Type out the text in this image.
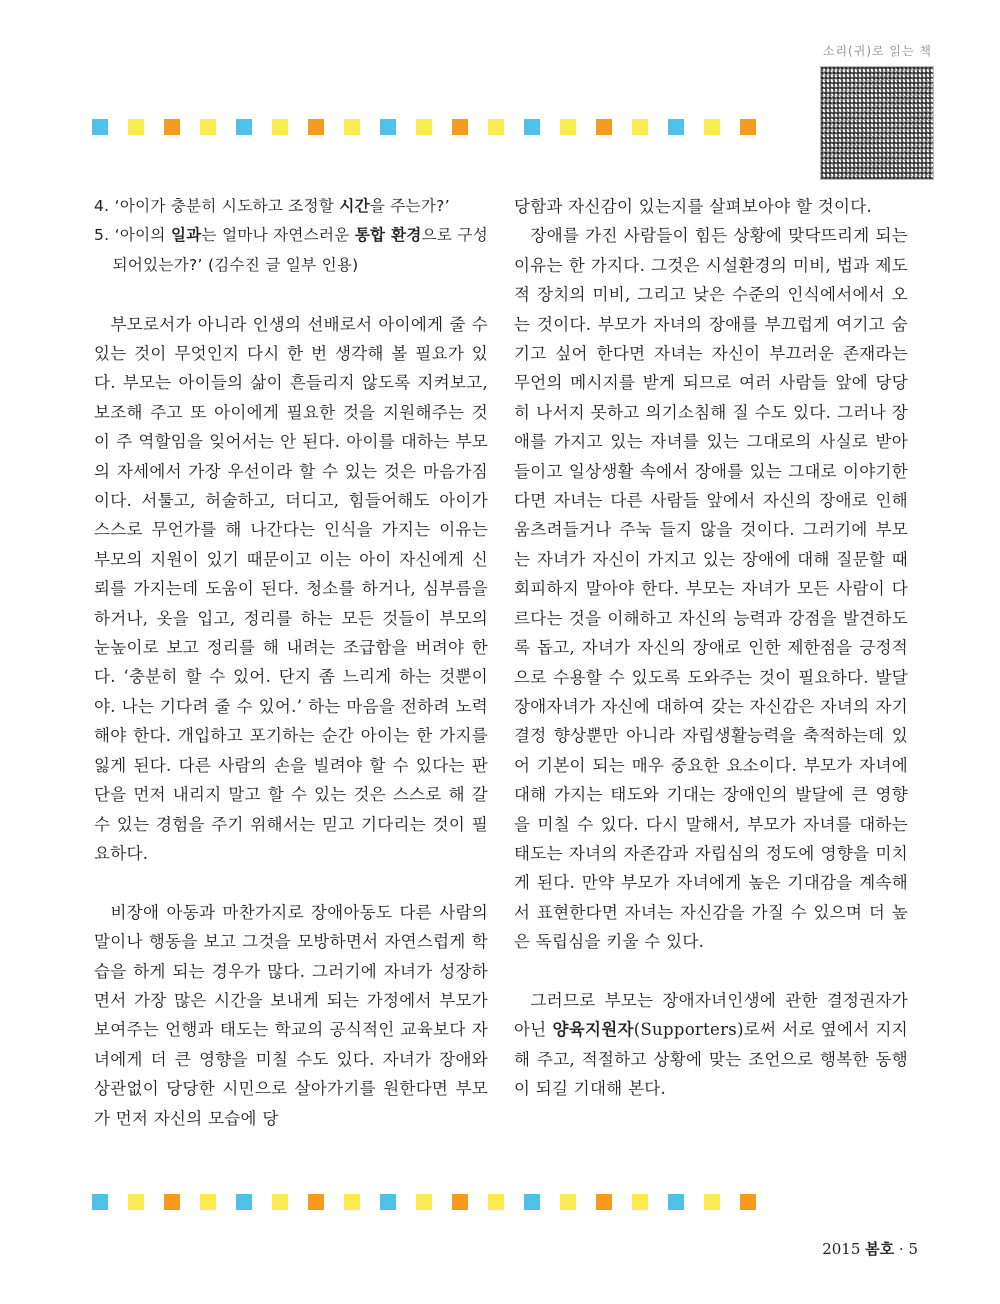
소리(귀)로 읽는 책

4. ‘아이가 충분히 시도하고 조정할 시간을 주는가?’

5. ‘아이의 일과는 얼마나 자연스러운 통합 환경으로 구성되어있는가?’ (김수진 글 일부 인용)

부모로서가 아니라 인생의 선배로서 아이에게 줄 수 있는 것이 무엇인지 다시 한 번 생각해 볼 필요가 있다. 부모는 아이들의 삶이 흔들리지 않도록 지켜보고, 보조해 주고 또 아이에게 필요한 것을 지원해주는 것이 주 역할임을 잊어서는 안 된다. 아이를 대하는 부모의 자세에서 가장 우선이라 할 수 있는 것은 마음가짐이다. 서툴고, 허술하고, 더디고, 힘들어해도 아이가 스스로 무언가를 해 나간다는 인식을 가지는 이유는 부모의 지원이 있기 때문이고 이는 아이 자신에게 신뢰를 가지는데 도움이 된다. 청소를 하거나, 심부름을 하거나, 옷을 입고, 정리를 하는 모든 것들이 부모의 눈높이로 보고 정리를 해 내려는 조급함을 버려야 한다. ‘충분히 할 수 있어. 단지 좀 느리게 하는 것뿐이야. 나는 기다려 줄 수 있어.’ 하는 마음을 전하려 노력해야 한다. 개입하고 포기하는 순간 아이는 한 가지를 잃게 된다. 다른 사람의 손을 빌려야 할 수 있다는 판단을 먼저 내리지 말고 할 수 있는 것은 스스로 해 갈 수 있는 경험을 주기 위해서는 믿고 기다리는 것이 필요하다.

비장애 아동과 마찬가지로 장애아동도 다른 사람의 말이나 행동을 보고 그것을 모방하면서 자연스럽게 학습을 하게 되는 경우가 많다. 그러기에 자녀가 성장하면서 가장 많은 시간을 보내게 되는 가정에서 부모가 보여주는 언행과 태도는 학교의 공식적인 교육보다 자녀에게 더 큰 영향을 미칠 수도 있다. 자녀가 장애와 상관없이 당당한 시민으로 살아가기를 원한다면 부모가 먼저 자신의 모습에 당

당함과 자신감이 있는지를 살펴보아야 할 것이다.

장애를 가진 사람들이 힘든 상황에 맞닥뜨리게 되는 이유는 한 가지다. 그것은 시설환경의 미비, 법과 제도적 장치의 미비, 그리고 낮은 수준의 인식에서에서 오는 것이다. 부모가 자녀의 장애를 부끄럽게 여기고 숨기고 싶어 한다면 자녀는 자신이 부끄러운 존재라는 무언의 메시지를 받게 되므로 여러 사람들 앞에 당당히 나서지 못하고 의기소침해 질 수도 있다. 그러나 장애를 가지고 있는 자녀를 있는 그대로의 사실로 받아들이고 일상생활 속에서 장애를 있는 그대로 이야기한다면 자녀는 다른 사람들 앞에서 자신의 장애로 인해 움츠려들거나 주눅 들지 않을 것이다. 그러기에 부모는 자녀가 자신이 가지고 있는 장애에 대해 질문할 때 회피하지 말아야 한다. 부모는 자녀가 모든 사람이 다르다는 것을 이해하고 자신의 능력과 강점을 발견하도록 돕고, 자녀가 자신의 장애로 인한 제한점을 긍정적으로 수용할 수 있도록 도와주는 것이 필요하다. 발달장애자녀가 자신에 대하여 갖는 자신감은 자녀의 자기결정 향상뿐만 아니라 자립생활능력을 축적하는데 있어 기본이 되는 매우 중요한 요소이다. 부모가 자녀에 대해 가지는 태도와 기대는 장애인의 발달에 큰 영향을 미칠 수 있다. 다시 말해서, 부모가 자녀를 대하는 태도는 자녀의 자존감과 자립심의 정도에 영향을 미치게 된다. 만약 부모가 자녀에게 높은 기대감을 계속해서 표현한다면 자녀는 자신감을 가질 수 있으며 더 높은 독립심을 키울 수 있다.

그러므로 부모는 장애자녀인생에 관한 결정권자가 아닌 양육지원자(Supporters)로써 서로 옆에서 지지해 주고, 적절하고 상황에 맞는 조언으로 행복한 동행이 되길 기대해 본다.

2015 봄호 · 5
